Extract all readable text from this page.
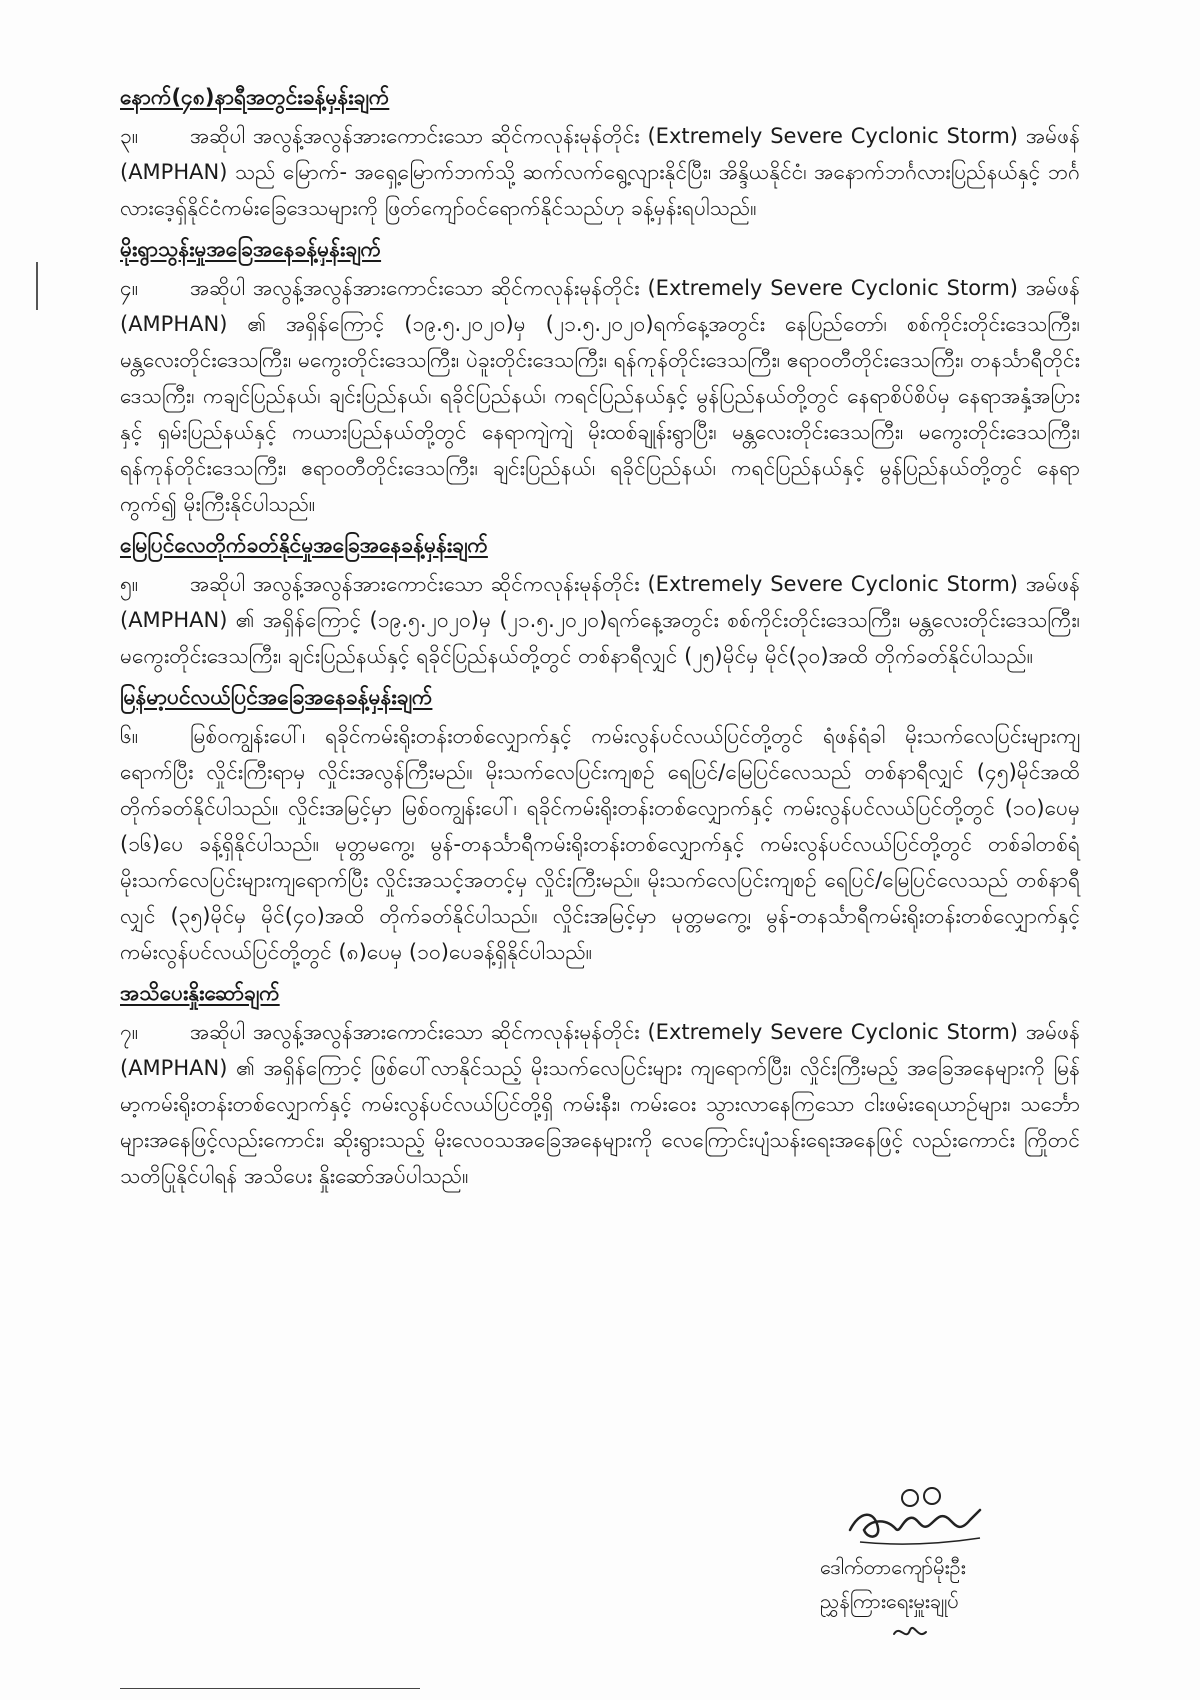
နောက်(၄၈)နာရီအတွင်းခန့်မှန်းချက်
၃။ အဆိုပါ အလွန့်အလွန်အားကောင်းသော ဆိုင်ကလုန်းမုန်တိုင်း (Extremely Severe Cyclonic Storm) အမ်ဖန် (AMPHAN) သည် မြောက်- အရှေ့မြောက်ဘက်သို့ ဆက်လက်ရွေ့လျားနိုင်ပြီး၊ အိန္ဒိယနိုင်ငံ၊ အနောက်ဘင်္ဂလားပြည်နယ်နှင့် ဘင်္ဂလားဒေ့ရှ်နိုင်ငံကမ်းခြေဒေသများကို ဖြတ်ကျော်ဝင်ရောက်နိုင်သည်ဟု ခန့်မှန်းရပါသည်။
မိုးရွာသွန်းမှုအခြေအနေခန့်မှန်းချက်
၄။ အဆိုပါ အလွန့်အလွန်အားကောင်းသော ဆိုင်ကလုန်းမုန်တိုင်း (Extremely Severe Cyclonic Storm) အမ်ဖန် (AMPHAN) ၏ အရှိန်ကြောင့် (၁၉.၅.၂၀၂၀)မှ (၂၁.၅.၂၀၂၀)ရက်နေ့အတွင်း နေပြည်တော်၊ စစ်ကိုင်းတိုင်းဒေသကြီး၊ မန္တလေးတိုင်းဒေသကြီး၊ မကွေးတိုင်းဒေသကြီး၊ ပဲခူးတိုင်းဒေသကြီး၊ ရန်ကုန်တိုင်းဒေသကြီး၊ ဧရာဝတီတိုင်းဒေသကြီး၊ တနင်္သာရီတိုင်းဒေသကြီး၊ ကချင်ပြည်နယ်၊ ချင်းပြည်နယ်၊ ရခိုင်ပြည်နယ်၊ ကရင်ပြည်နယ်နှင့် မွန်ပြည်နယ်တို့တွင် နေရာစိပ်စိပ်မှ နေရာအနှံ့အပြားနှင့် ရှမ်းပြည်နယ်နှင့် ကယားပြည်နယ်တို့တွင် နေရာကျဲကျဲ မိုးထစ်ချုန်းရွာပြီး၊ မန္တလေးတိုင်းဒေသကြီး၊ မကွေးတိုင်းဒေသကြီး၊ ရန်ကုန်တိုင်းဒေသကြီး၊ ဧရာဝတီတိုင်းဒေသကြီး၊ ချင်းပြည်နယ်၊ ရခိုင်ပြည်နယ်၊ ကရင်ပြည်နယ်နှင့် မွန်ပြည်နယ်တို့တွင် နေရာကွက်၍ မိုးကြီးနိုင်ပါသည်။
မြေပြင်လေတိုက်ခတ်နိုင်မှုအခြေအနေခန့်မှန်းချက်
၅။ အဆိုပါ အလွန့်အလွန်အားကောင်းသော ဆိုင်ကလုန်းမုန်တိုင်း (Extremely Severe Cyclonic Storm) အမ်ဖန် (AMPHAN) ၏ အရှိန်ကြောင့် (၁၉.၅.၂၀၂၀)မှ (၂၁.၅.၂၀၂၀)ရက်နေ့အတွင်း စစ်ကိုင်းတိုင်းဒေသကြီး၊ မန္တလေးတိုင်းဒေသကြီး၊ မကွေးတိုင်းဒေသကြီး၊ ချင်းပြည်နယ်နှင့် ရခိုင်ပြည်နယ်တို့တွင် တစ်နာရီလျှင် (၂၅)မိုင်မှ မိုင်(၃၀)အထိ တိုက်ခတ်နိုင်ပါသည်။
မြန်မာ့ပင်လယ်ပြင်အခြေအနေခန့်မှန်းချက်
၆။ မြစ်ဝကျွန်းပေါ်၊ ရခိုင်ကမ်းရိုးတန်းတစ်လျှောက်နှင့် ကမ်းလွန်ပင်လယ်ပြင်တို့တွင် ရံဖန်ရံခါ မိုးသက်လေပြင်းများကျရောက်ပြီး လှိုင်းကြီးရာမှ လှိုင်းအလွန်ကြီးမည်။ မိုးသက်လေပြင်းကျစဉ် ရေပြင်/မြေပြင်လေသည် တစ်နာရီလျှင် (၄၅)မိုင်အထိ တိုက်ခတ်နိုင်ပါသည်။ လှိုင်းအမြင့်မှာ မြစ်ဝကျွန်းပေါ်၊ ရခိုင်ကမ်းရိုးတန်းတစ်လျှောက်နှင့် ကမ်းလွန်ပင်လယ်ပြင်တို့တွင် (၁၀)ပေမှ (၁၆)ပေ ခန့်ရှိနိုင်ပါသည်။ မုတ္တမကွေ့၊ မွန်-တနင်္သာရီကမ်းရိုးတန်းတစ်လျှောက်နှင့် ကမ်းလွန်ပင်လယ်ပြင်တို့တွင် တစ်ခါတစ်ရံ မိုးသက်လေပြင်းများကျရောက်ပြီး လှိုင်းအသင့်အတင့်မှ လှိုင်းကြီးမည်။ မိုးသက်လေပြင်းကျစဉ် ရေပြင်/မြေပြင်လေသည် တစ်နာရီလျှင် (၃၅)မိုင်မှ မိုင်(၄၀)အထိ တိုက်ခတ်နိုင်ပါသည်။ လှိုင်းအမြင့်မှာ မုတ္တမကွေ့၊ မွန်-တနင်္သာရီကမ်းရိုးတန်းတစ်လျှောက်နှင့် ကမ်းလွန်ပင်လယ်ပြင်တို့တွင် (၈)ပေမှ (၁၀)ပေခန့်ရှိနိုင်ပါသည်။
အသိပေးနှိုးဆော်ချက်
၇။ အဆိုပါ အလွန့်အလွန်အားကောင်းသော ဆိုင်ကလုန်းမုန်တိုင်း (Extremely Severe Cyclonic Storm) အမ်ဖန် (AMPHAN) ၏ အရှိန်ကြောင့် ဖြစ်ပေါ်လာနိုင်သည့် မိုးသက်လေပြင်းများ ကျရောက်ပြီး၊ လှိုင်းကြီးမည့် အခြေအနေများကို မြန်မာ့ကမ်းရိုးတန်းတစ်လျှောက်နှင့် ကမ်းလွန်ပင်လယ်ပြင်တို့ရှိ ကမ်းနီး၊ ကမ်းဝေး သွားလာနေကြသော ငါးဖမ်းရေယာဉ်များ၊ သင်္ဘောများအနေဖြင့်လည်းကောင်း၊ ဆိုးရွားသည့် မိုးလေဝသအခြေအနေများကို လေကြောင်းပျံသန်းရေးအနေဖြင့် လည်းကောင်း ကြိုတင်သတိပြုနိုင်ပါရန် အသိပေး နှိုးဆော်အပ်ပါသည်။
ဒေါက်တာကျော်မိုးဦး
ညွှန်ကြားရေးမှူးချုပ်
